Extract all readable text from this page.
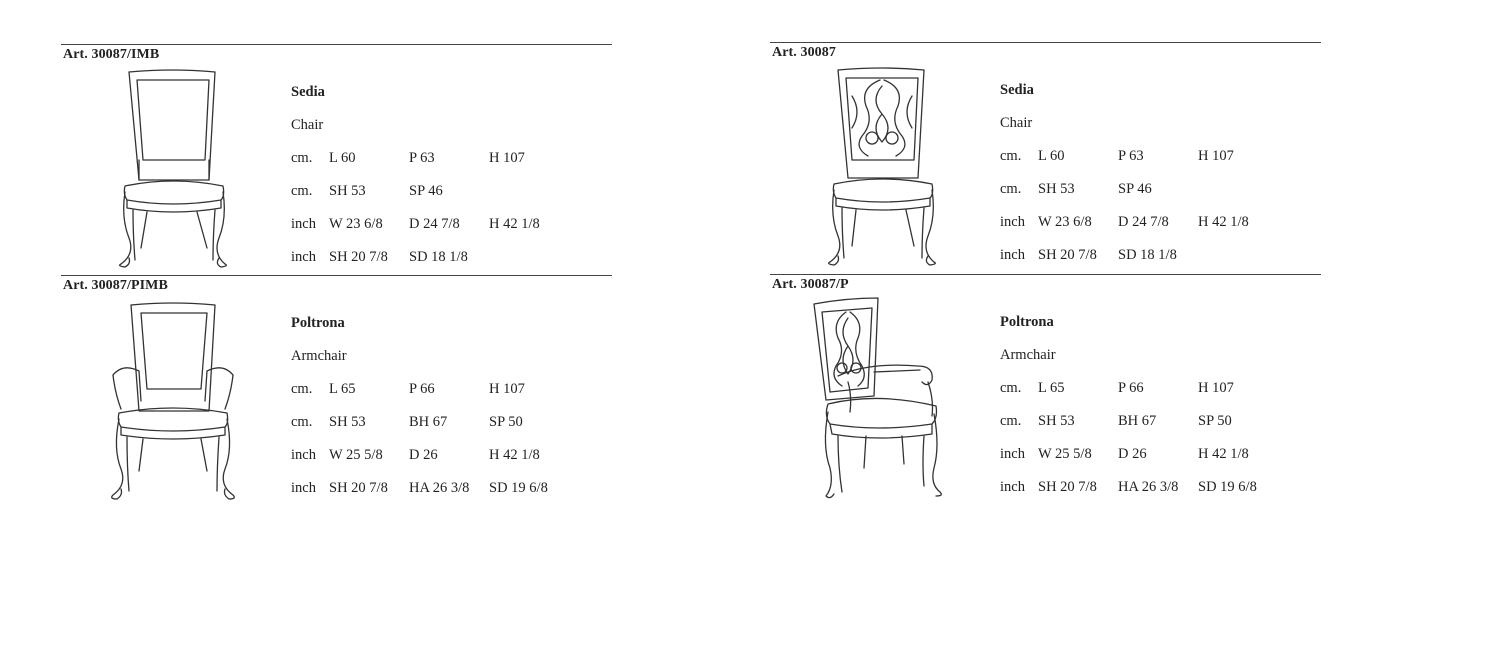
Art. 30087/IMB
Sedia
Chair
cm. L 60	P 63	H 107
cm. SH 53	SP 46
inch W 23 6/8 D 24 7/8 H 42 1/8
inch SH 20 7/8 SD 18 1/8
Art. 30087/PIMB
Poltrona
Armchair
cm. L 65	P 66	H 107
cm. SH 53	BH 67	SP 50
inch W 25 5/8 D 26	H 42 1/8
inch SH 20 7/8 HA 26 3/8 SD 19 6/8
Art. 30087
Sedia
Chair
cm. L 60	P 63	H 107
cm. SH 53	SP 46
inch W 23 6/8 D 24 7/8 H 42 1/8
inch SH 20 7/8 SD 18 1/8
Art. 30087/P
Poltrona
Armchair
cm. L 65	P 66	H 107
cm. SH 53	BH 67	SP 50
inch W 25 5/8 D 26	H 42 1/8
inch SH 20 7/8 HA 26 3/8 SD 19 6/8
